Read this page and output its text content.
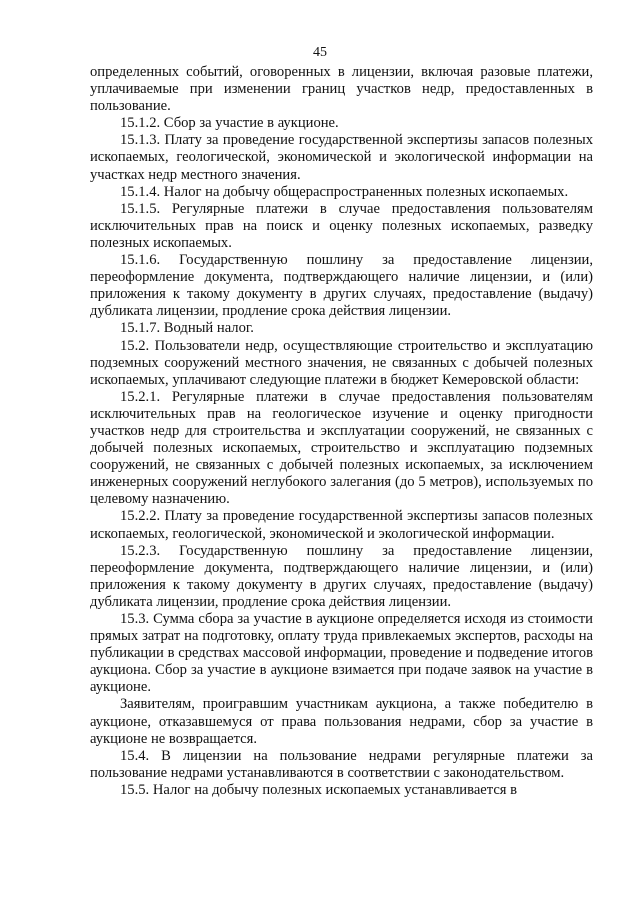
45

определенных событий, оговоренных в лицензии, включая разовые платежи, уплачиваемые при изменении границ участков недр, предоставленных в пользование.

15.1.2. Сбор за участие в аукционе.

15.1.3. Плату за проведение государственной экспертизы запасов полезных ископаемых, геологической, экономической и экологической информации на участках недр местного значения.

15.1.4. Налог на добычу общераспространенных полезных ископаемых.

15.1.5. Регулярные платежи в случае предоставления пользователям исключительных прав на поиск и оценку полезных ископаемых, разведку полезных ископаемых.

15.1.6. Государственную пошлину за предоставление лицензии, переоформление документа, подтверждающего наличие лицензии, и (или) приложения к такому документу в других случаях, предоставление (выдачу) дубликата лицензии, продление срока действия лицензии.

15.1.7. Водный налог.

15.2. Пользователи недр, осуществляющие строительство и эксплуатацию подземных сооружений местного значения, не связанных с добычей полезных ископаемых, уплачивают следующие платежи в бюджет Кемеровской области:

15.2.1. Регулярные платежи в случае предоставления пользователям исключительных прав на геологическое изучение и оценку пригодности участков недр для строительства и эксплуатации сооружений, не связанных с добычей полезных ископаемых, строительство и эксплуатацию подземных сооружений, не связанных с добычей полезных ископаемых, за исключением инженерных сооружений неглубокого залегания (до 5 метров), используемых по целевому назначению.

15.2.2. Плату за проведение государственной экспертизы запасов полезных ископаемых, геологической, экономической и экологической информации.

15.2.3. Государственную пошлину за предоставление лицензии, переоформление документа, подтверждающего наличие лицензии, и (или) приложения к такому документу в других случаях, предоставление (выдачу) дубликата лицензии, продление срока действия лицензии.

15.3. Сумма сбора за участие в аукционе определяется исходя из стоимости прямых затрат на подготовку, оплату труда привлекаемых экспертов, расходы на публикации в средствах массовой информации, проведение и подведение итогов аукциона. Сбор за участие в аукционе взимается при подаче заявок на участие в аукционе.

Заявителям, проигравшим участникам аукциона, а также победителю в аукционе, отказавшемуся от права пользования недрами, сбор за участие в аукционе не возвращается.

15.4. В лицензии на пользование недрами регулярные платежи за пользование недрами устанавливаются в соответствии с законодательством.

15.5. Налог на добычу полезных ископаемых устанавливается в
